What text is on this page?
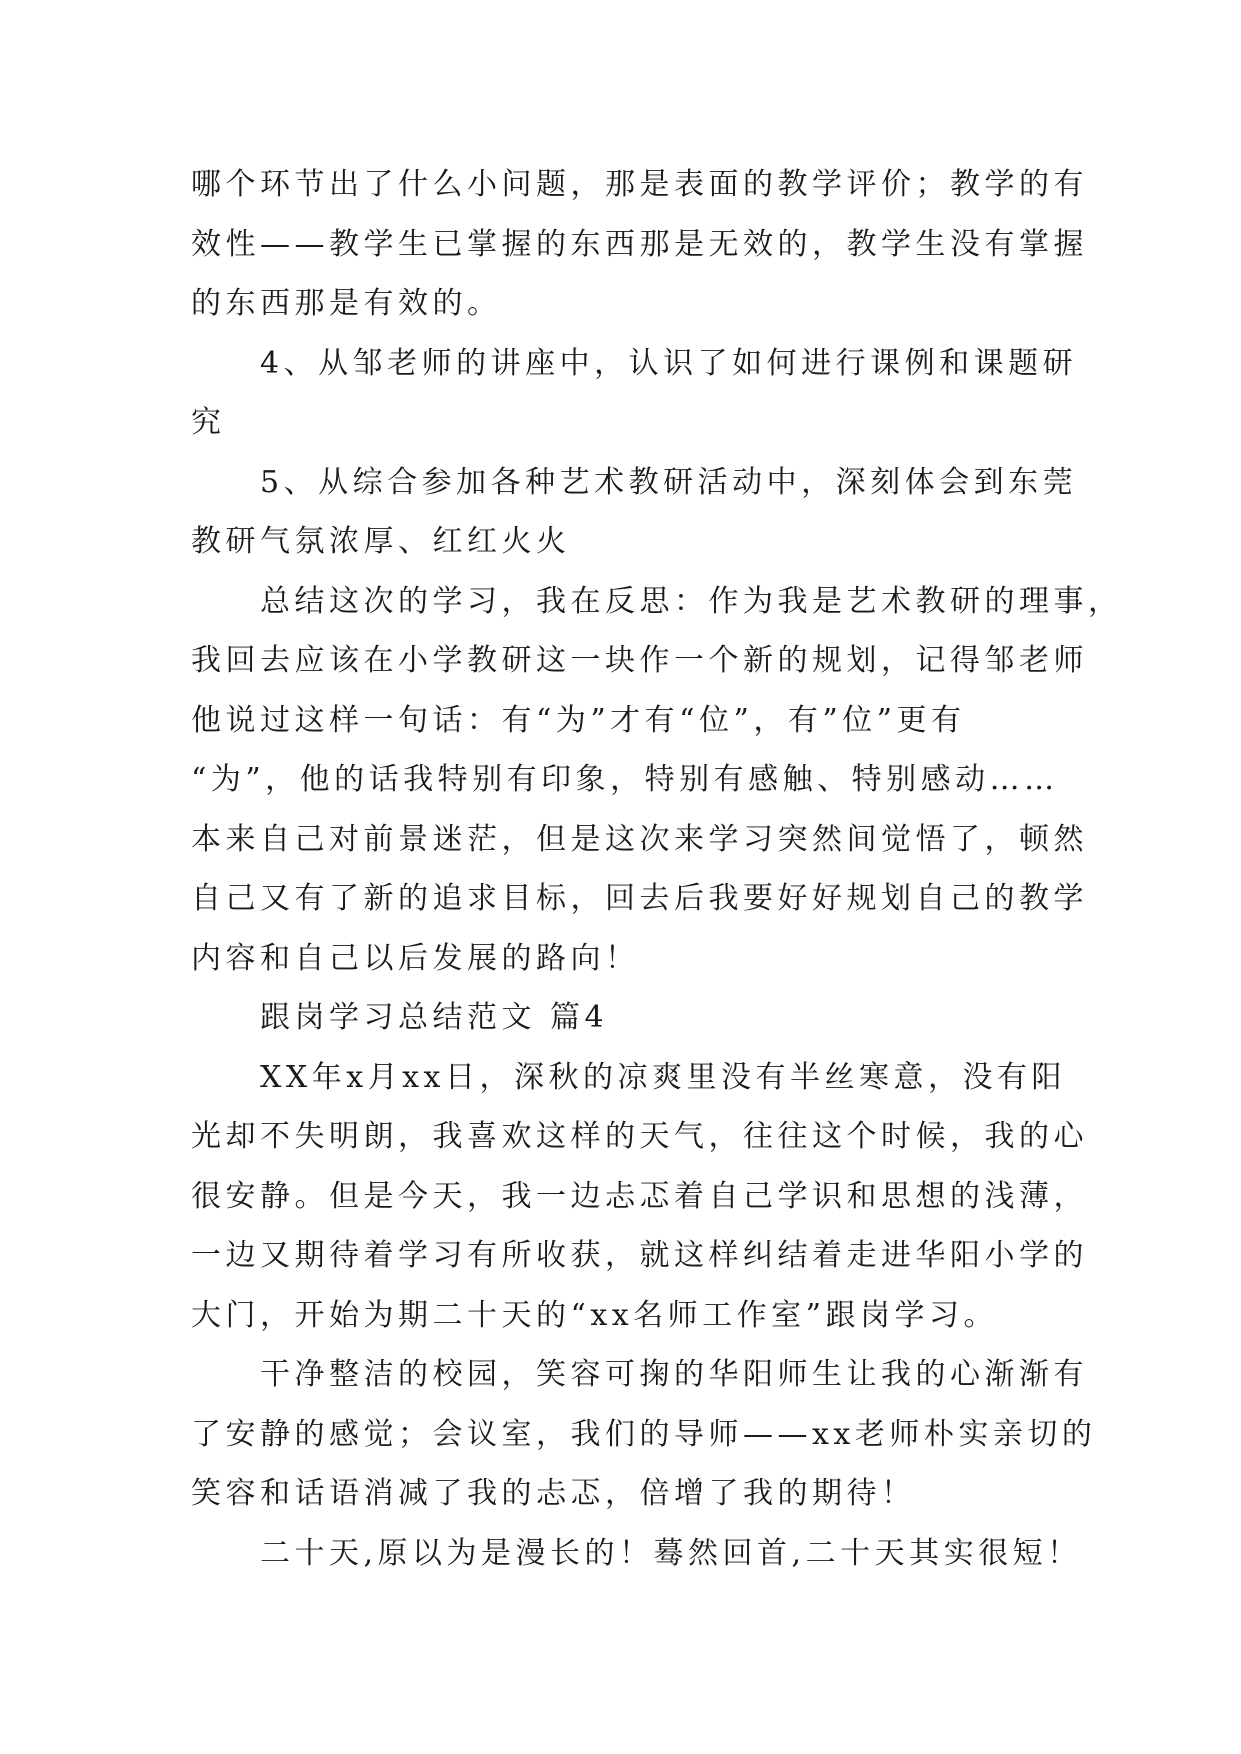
哪个环节出了什么小问题，那是表面的教学评价；教学的有
效性——教学生已掌握的东西那是无效的，教学生没有掌握
的东西那是有效的。
　　4、从邹老师的讲座中，认识了如何进行课例和课题研
究
　　5、从综合参加各种艺术教研活动中，深刻体会到东莞
教研气氛浓厚、红红火火
　　总结这次的学习，我在反思：作为我是艺术教研的理事，
我回去应该在小学教研这一块作一个新的规划，记得邹老师
他说过这样一句话：有“为”才有“位”，有”位”更有
“为”，他的话我特别有印象，特别有感触、特别感动……
本来自己对前景迷茫，但是这次来学习突然间觉悟了，顿然
自己又有了新的追求目标，回去后我要好好规划自己的教学
内容和自己以后发展的路向！
　　跟岗学习总结范文 篇4
　　XX年x月xx日，深秋的凉爽里没有半丝寒意，没有阳
光却不失明朗，我喜欢这样的天气，往往这个时候，我的心
很安静。但是今天，我一边忐忑着自己学识和思想的浅薄，
一边又期待着学习有所收获，就这样纠结着走进华阳小学的
大门，开始为期二十天的“xx名师工作室”跟岗学习。
　　干净整洁的校园，笑容可掬的华阳师生让我的心渐渐有
了安静的感觉；会议室，我们的导师——xx老师朴实亲切的
笑容和话语消减了我的忐忑，倍增了我的期待！
　　二十天,原以为是漫长的！蓦然回首,二十天其实很短！
